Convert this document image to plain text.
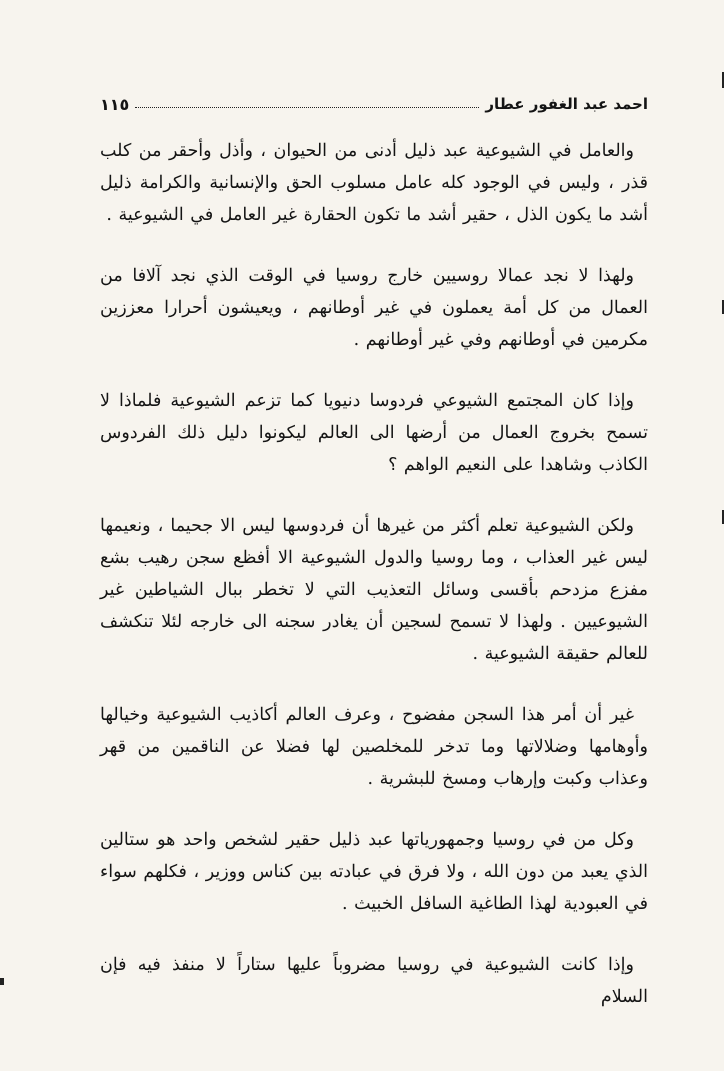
احمد عبد الغفور عطار
١١٥

والعامل في الشيوعية عبد ذليل أدنى من الحيوان ، وأذل وأحقر من كلب قذر ، وليس في الوجود كله عامل مسلوب الحق والإنسانية والكرامة ذليل أشد ما يكون الذل ، حقير أشد ما تكون الحقارة غير العامل في الشيوعية .

ولهذا لا نجد عمالا روسيين خارج روسيا في الوقت الذي نجد آلافا من العمال من كل أمة يعملون في غير أوطانهم ، ويعيشون أحرارا معززين مكرمين في أوطانهم وفي غير أوطانهم .

وإذا كان المجتمع الشيوعي فردوسا دنيويا كما تزعم الشيوعية فلماذا لا تسمح بخروج العمال من أرضها الى العالم ليكونوا دليل ذلك الفردوس الكاذب وشاهدا على النعيم الواهم ؟

ولكن الشيوعية تعلم أكثر من غيرها أن فردوسها ليس الا جحيما ، ونعيمها ليس غير العذاب ، وما روسيا والدول الشيوعية الا أفظع سجن رهيب بشع مفزع مزدحم بأقسى وسائل التعذيب التي لا تخطر ببال الشياطين غير الشيوعيين . ولهذا لا تسمح لسجين أن يغادر سجنه الى خارجه لئلا تنكشف للعالم حقيقة الشيوعية .

غير أن أمر هذا السجن مفضوح ، وعرف العالم أكاذيب الشيوعية وخيالها وأوهامها وضلالاتها وما تدخر للمخلصين لها فضلا عن الناقمين من قهر وعذاب وكبت وإرهاب ومسخ للبشرية .

وكل من في روسيا وجمهورياتها عبد ذليل حقير لشخص واحد هو ستالين الذي يعبد من دون الله ، ولا فرق في عبادته بين كناس ووزير ، فكلهم سواء في العبودية لهذا الطاغية السافل الخبيث .

وإذا كانت الشيوعية في روسيا مضروباً عليها ستاراً لا منفذ فيه فإن السلام
